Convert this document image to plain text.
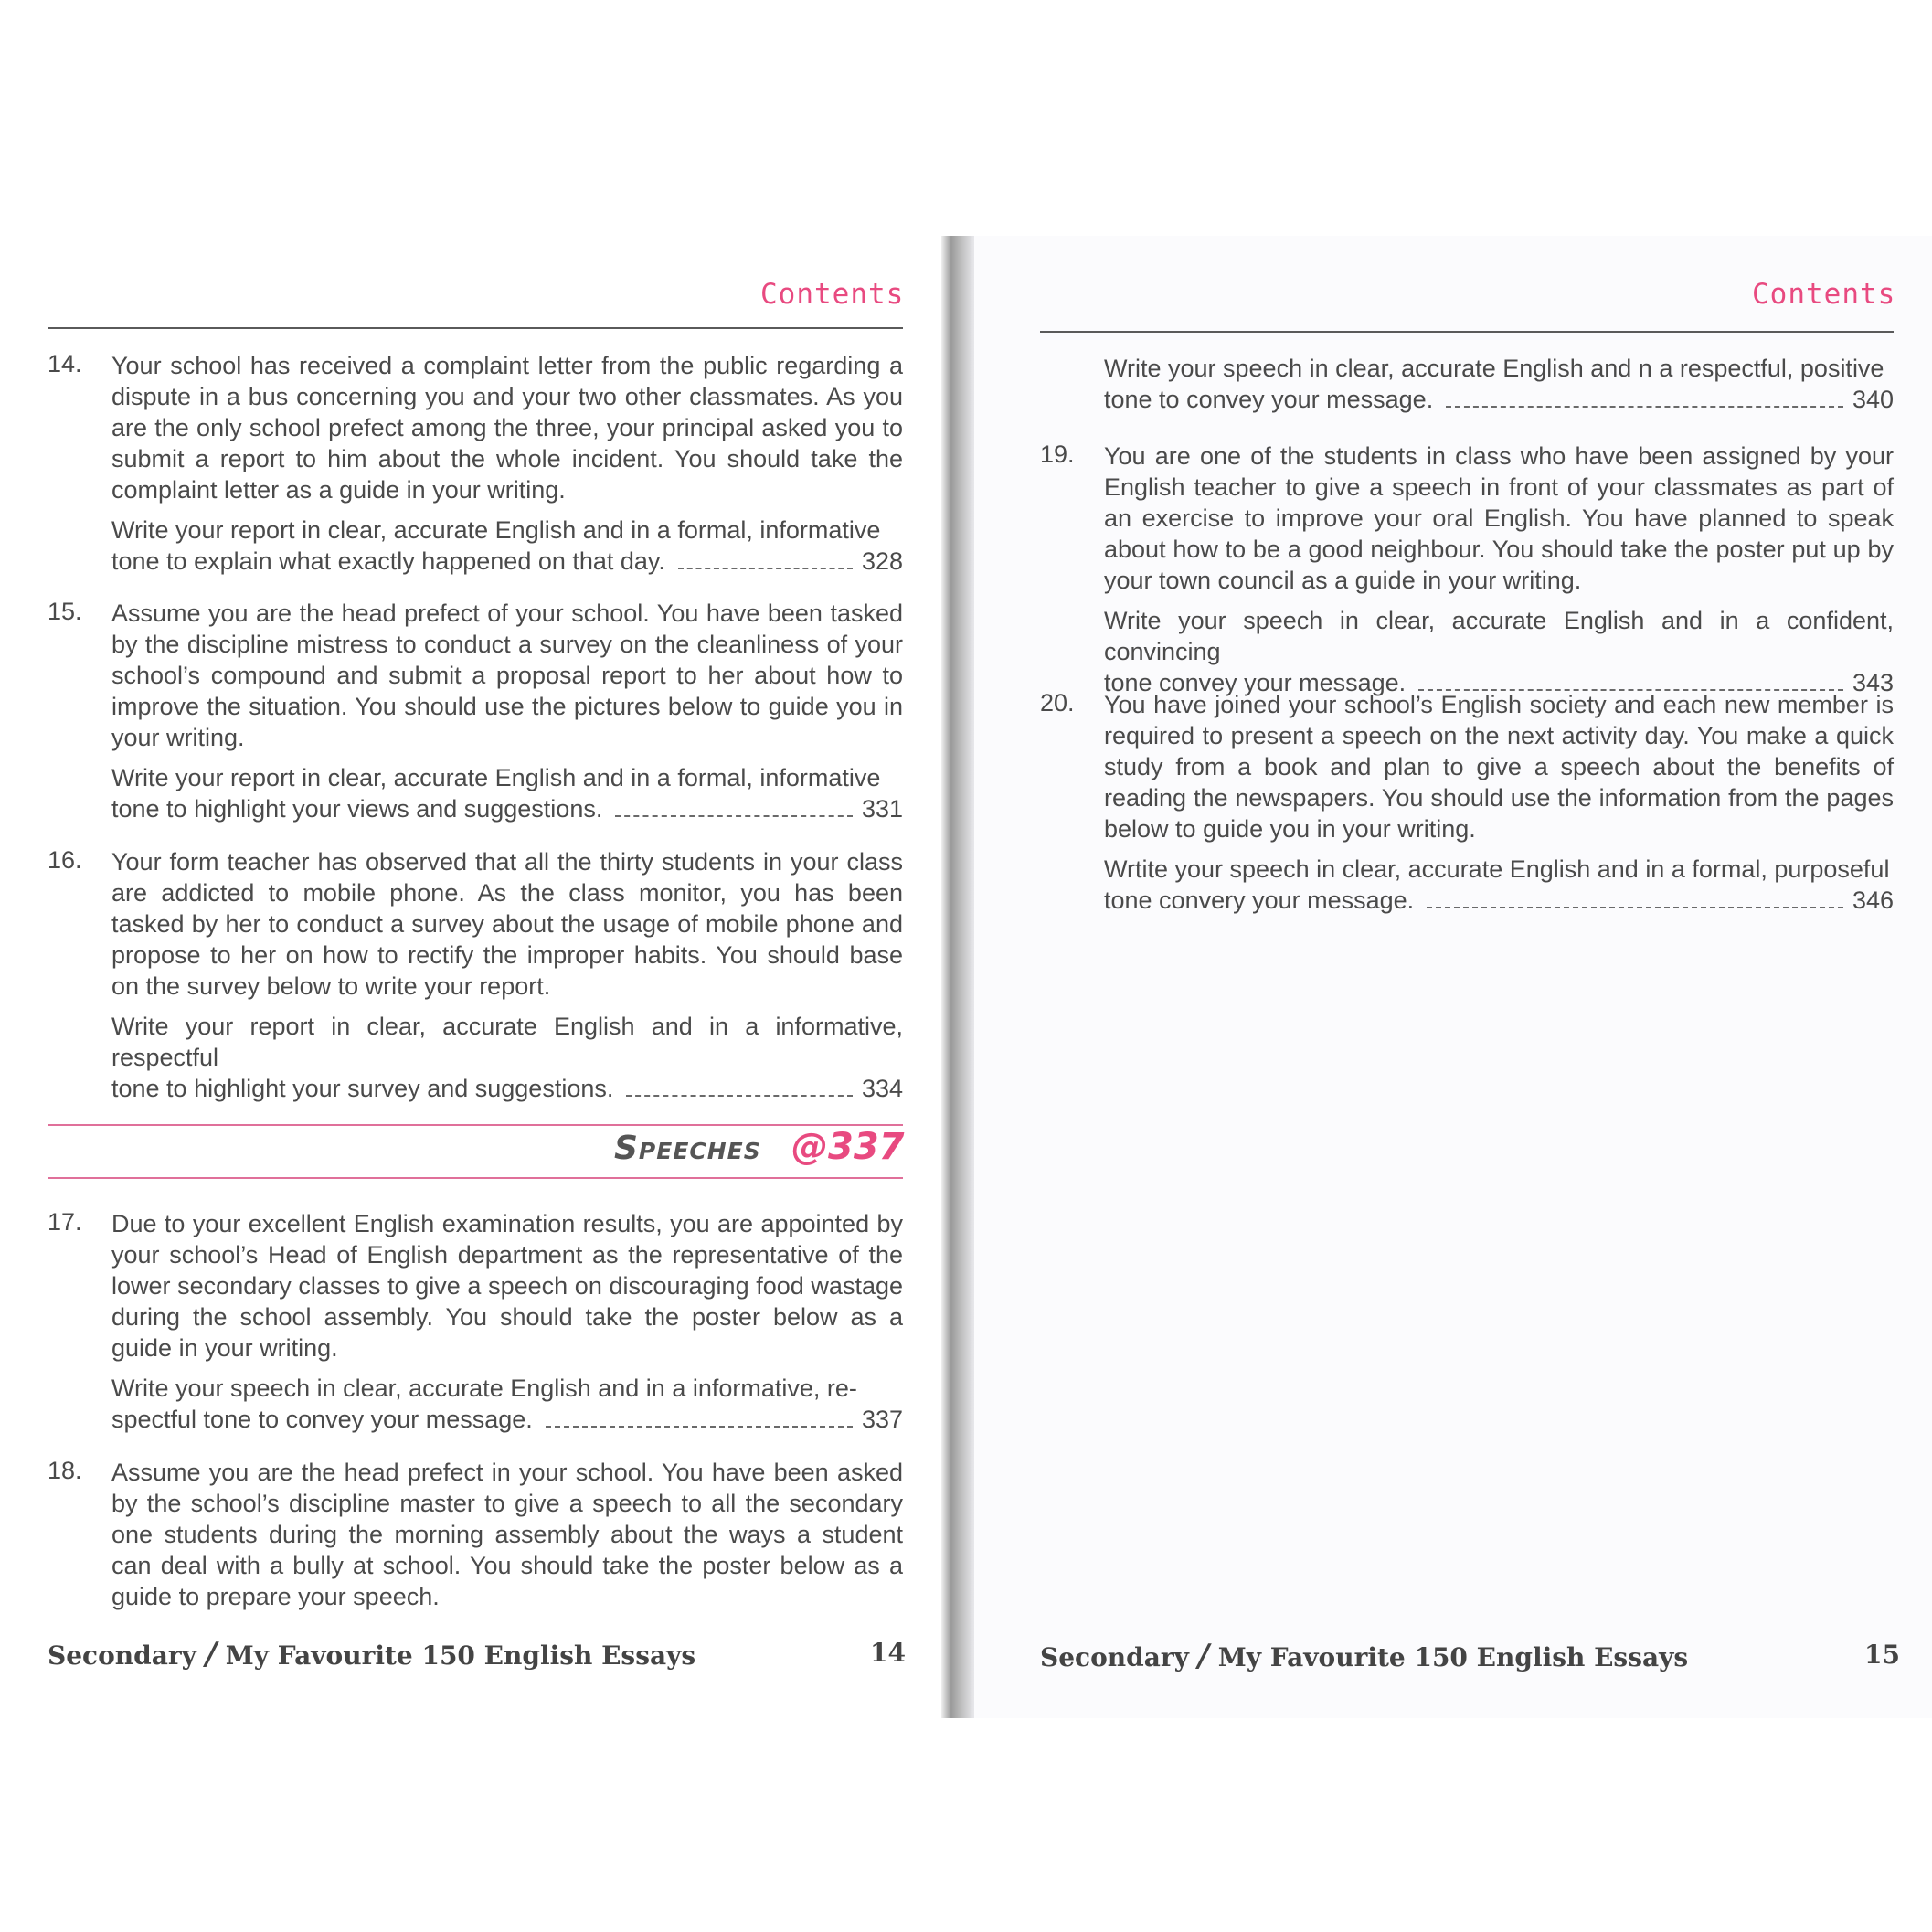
Contents
14. Your school has received a complaint letter from the public regarding a dispute in a bus concerning you and your two other classmates. As you are the only school prefect among the three, your principal asked you to submit a report to him about the whole incident. You should take the complaint letter as a guide in your writing.
Write your report in clear, accurate English and in a formal, informative
tone to explain what exactly happened on that day.	328
15. Assume you are the head prefect of your school. You have been tasked by the discipline mistress to conduct a survey on the cleanliness of your school’s compound and submit a proposal report to her about how to improve the situation. You should use the pictures below to guide you in your writing.
Write your report in clear, accurate English and in a formal, informative
tone to highlight your views and suggestions.	331
16. Your form teacher has observed that all the thirty students in your class are addicted to mobile phone. As the class monitor, you has been tasked by her to conduct a survey about the usage of mobile phone and propose to her on how to rectify the improper habits. You should base on the survey below to write your report.
Write your report in clear, accurate English and in a informative, respectful
tone to highlight your survey and suggestions.	334
Speeches @337
17. Due to your excellent English examination results, you are appointed by your school’s Head of English department as the representative of the lower secondary classes to give a speech on discouraging food wastage during the school assembly. You should take the poster below as a guide in your writing.
Write your speech in clear, accurate English and in a informative, re-
spectful tone to convey your message.	337
18. Assume you are the head prefect in your school. You have been asked by the school’s discipline master to give a speech to all the secondary one students during the morning assembly about the ways a student can deal with a bully at school. You should take the poster below as a guide to prepare your speech.
Secondary / My Favourite 150 English Essays	14
Contents
Write your speech in clear, accurate English and n a respectful, positive
tone to convey your message.	340
19. You are one of the students in class who have been assigned by your English teacher to give a speech in front of your classmates as part of an exercise to improve your oral English. You have planned to speak about how to be a good neighbour. You should take the poster put up by your town council as a guide in your writing.
Write your speech in clear, accurate English and in a confident, convincing
tone convey your message.	343
20. You have joined your school’s English society and each new member is required to present a speech on the next activity day. You make a quick study from a book and plan to give a speech about the benefits of reading the newspapers. You should use the information from the pages below to guide you in your writing.
Wrtite your speech in clear, accurate English and in a formal, purposeful
tone convery your message.	346
Secondary / My Favourite 150 English Essays	15
